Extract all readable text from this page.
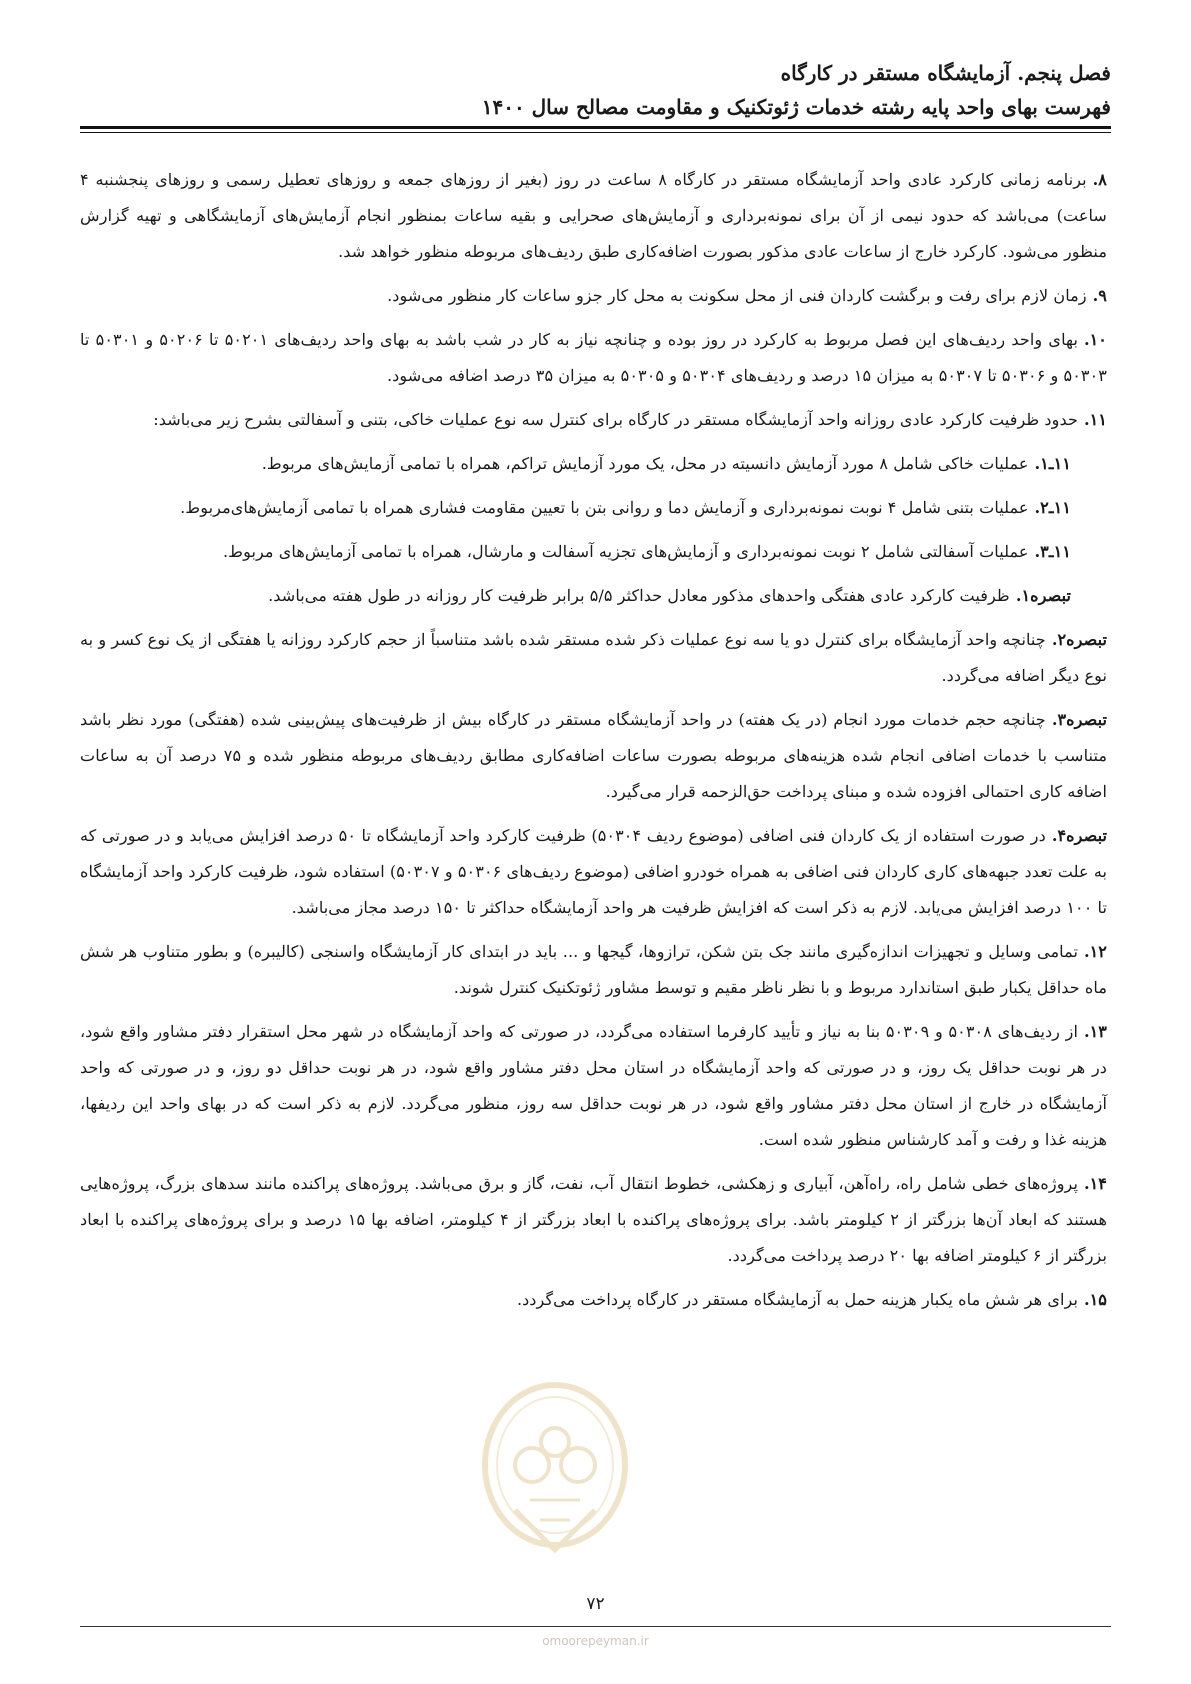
فصل پنجم. آزمایشگاه مستقر در کارگاه
فهرست بهای واحد پایه رشته خدمات ژئوتکنیک و مقاومت مصالح سال ۱۴۰۰

۸.برنامه زمانی کارکرد عادی واحد آزمایشگاه مستقر در کارگاه ۸ ساعت در روز (بغیر از روزهای جمعه و روزهای تعطیل رسمی و روزهای پنجشنبه ۴ ساعت) می‌باشد که حدود نیمی از آن برای نمونه‌برداری و آزمایش‌های صحرایی و بقیه ساعات بمنظور انجام آزمایش‌های آزمایشگاهی و تهیه گزارش منظور می‌شود. کارکرد خارج از ساعات عادی مذکور بصورت اضافه‌کاری طبق ردیف‌های مربوطه منظور خواهد شد.

۹.زمان لازم برای رفت و برگشت کاردان فنی از محل سکونت به محل کار جزو ساعات کار منظور می‌شود.

۱۰.بهای واحد ردیف‌های این فصل مربوط به کارکرد در روز بوده و چنانچه نیاز به کار در شب باشد به بهای واحد ردیف‌های ۵۰۲۰۱ تا ۵۰۲۰۶ و ۵۰۳۰۱ تا ۵۰۳۰۳ و ۵۰۳۰۶ تا ۵۰۳۰۷ به میزان ۱۵ درصد و ردیف‌های ۵۰۳۰۴ و ۵۰۳۰۵ به میزان ۳۵ درصد اضافه می‌شود.

۱۱.حدود ظرفیت کارکرد عادی روزانه واحد آزمایشگاه مستقر در کارگاه برای کنترل سه نوع عملیات خاکی، بتنی و آسفالتی بشرح زیر می‌باشد:

۱۱ـ۱.عملیات خاکی شامل ۸ مورد آزمایش دانسیته در محل، یک مورد آزمایش تراکم، همراه با تمامی آزمایش‌های مربوط.

۱۱ـ۲.عملیات بتنی شامل ۴ نوبت نمونه‌برداری و آزمایش دما و روانی بتن با تعیین مقاومت فشاری همراه با تمامی آزمایش‌های‌مربوط.

۱۱ـ۳.عملیات آسفالتی شامل ۲ نوبت نمونه‌برداری و آزمایش‌های تجزیه آسفالت و مارشال، همراه با تمامی آزمایش‌های مربوط.

تبصره۱.ظرفیت کارکرد عادی هفتگی واحدهای مذکور معادل حداکثر ۵/۵ برابر ظرفیت کار روزانه در طول هفته می‌باشد.

تبصره۲.چنانچه واحد آزمایشگاه برای کنترل دو یا سه نوع عملیات ذکر شده مستقر شده باشد متناسباً از حجم کارکرد روزانه یا هفتگی از یک نوع کسر و به نوع دیگر اضافه می‌گردد.

تبصره۳.چنانچه حجم خدمات مورد انجام (در یک هفته) در واحد آزمایشگاه مستقر در کارگاه بیش از ظرفیت‌های پیش‌بینی شده (هفتگی) مورد نظر باشد متناسب با خدمات اضافی انجام شده هزینه‌های مربوطه بصورت ساعات اضافه‌کاری مطابق ردیف‌های مربوطه منظور شده و ۷۵ درصد آن به ساعات اضافه کاری احتمالی افزوده شده و مبنای پرداخت حق‌الزحمه قرار می‌گیرد.

تبصره۴.در صورت استفاده از یک کاردان فنی اضافی (موضوع ردیف ۵۰۳۰۴) ظرفیت کارکرد واحد آزمایشگاه تا ۵۰ درصد افزایش می‌یابد و در صورتی که به علت تعدد جبهه‌های کاری کاردان فنی اضافی به همراه خودرو اضافی (موضوع ردیف‌های ۵۰۳۰۶ و ۵۰۳۰۷) استفاده شود، ظرفیت کارکرد واحد آزمایشگاه تا ۱۰۰ درصد افزایش می‌یابد. لازم به ذکر است که افزایش ظرفیت هر واحد آزمایشگاه حداکثر تا ۱۵۰ درصد مجاز می‌باشد.

۱۲.تمامی وسایل و تجهیزات اندازه‌گیری مانند جک بتن شکن، ترازوها، گیجها و ... باید در ابتدای کار آزمایشگاه واسنجی (کالیبره) و بطور متناوب هر شش ماه حداقل یکبار طبق استاندارد مربوط و با نظر ناظر مقیم و توسط مشاور ژئوتکنیک کنترل شوند.

۱۳.از ردیف‌های ۵۰۳۰۸ و ۵۰۳۰۹ بنا به نیاز و تأیید کارفرما استفاده می‌گردد، در صورتی که واحد آزمایشگاه در شهر محل استقرار دفتر مشاور واقع شود، در هر نوبت حداقل یک روز، و در صورتی که واحد آزمایشگاه در استان محل دفتر مشاور واقع شود، در هر نوبت حداقل دو روز، و در صورتی که واحد آزمایشگاه در خارج از استان محل دفتر مشاور واقع شود، در هر نوبت حداقل سه روز، منظور می‌گردد. لازم به ذکر است که در بهای واحد این ردیفها، هزینه غذا و رفت و آمد کارشناس منظور شده است.

۱۴.پروژه‌های خطی شامل راه، راه‌آهن، آبیاری و زهکشی، خطوط انتقال آب، نفت، گاز و برق می‌باشد. پروژه‌های پراکنده مانند سدهای بزرگ، پروژه‌هایی هستند که ابعاد آن‌ها بزرگتر از ۲ کیلومتر باشد. برای پروژه‌های پراکنده با ابعاد بزرگتر از ۴ کیلومتر، اضافه بها ۱۵ درصد و برای پروژه‌های پراکنده با ابعاد بزرگتر از ۶ کیلومتر اضافه بها ۲۰ درصد پرداخت می‌گردد.

۱۵.برای هر شش ماه یکبار هزینه حمل به آزمایشگاه مستقر در کارگاه پرداخت می‌گردد.

۷۲
omoorepeyman.ir
